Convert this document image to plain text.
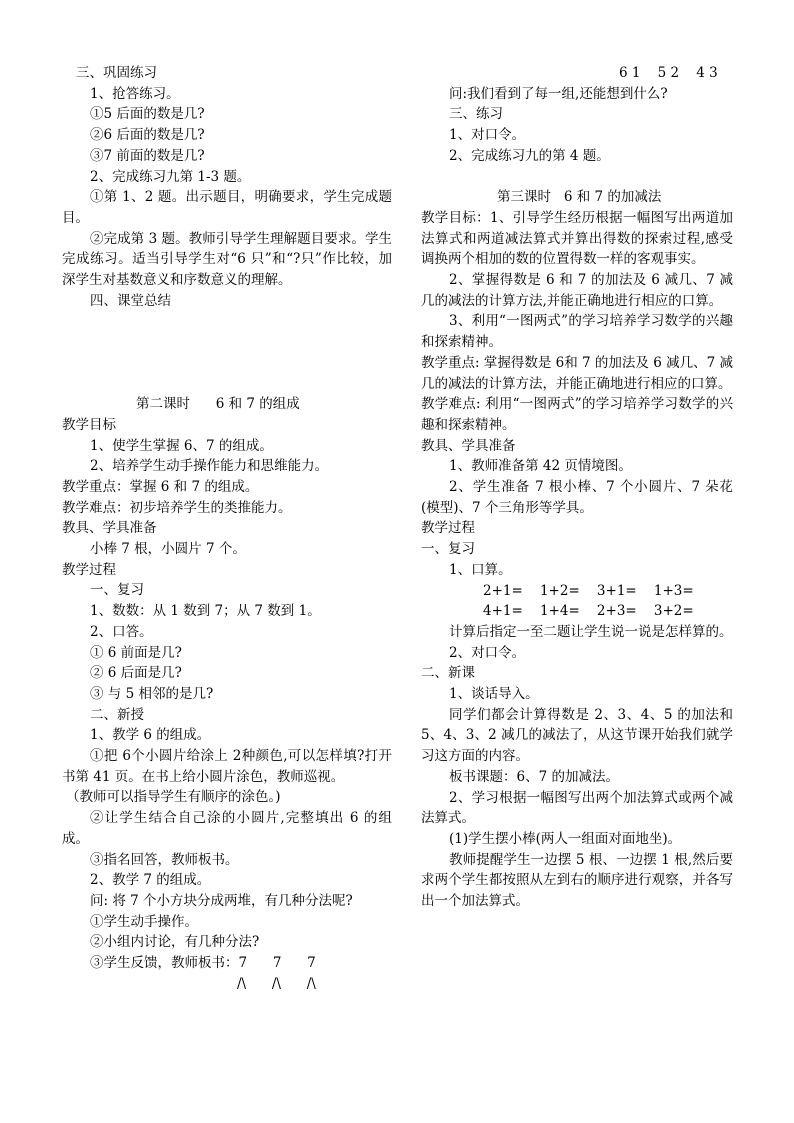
三、巩固练习
1、抢答练习。
①5 后面的数是几?
②6 后面的数是几?
③7 前面的数是几?
2、完成练习九第 1-3 题。
①第 1、2 题。出示题目，明确要求，学生完成题目。
②完成第 3 题。教师引导学生理解题目要求。学生完成练习。适当引导学生对“6 只”和“?只”作比较，加深学生对基数意义和序数意义的理解。
四、课堂总结
第二课时      6 和 7 的组成
教学目标
1、使学生掌握 6、7 的组成。
2、培养学生动手操作能力和思维能力。
教学重点：掌握 6 和 7 的组成。
教学难点：初步培养学生的类推能力。
教具、学具准备
小棒 7 根，小圆片 7 个。
教学过程
一、复习
1、数数：从 1 数到 7；从 7 数到 1。
2、口答。
① 6 前面是几?
② 6 后面是几?
③ 与 5 相邻的是几?
二、新授
1、教学 6 的组成。
①把 6个小圆片给涂上 2种颜色,可以怎样填?打开书第 41 页。在书上给小圆片涂色，教师巡视。
（教师可以指导学生有顺序的涂色。)
②让学生结合自己涂的小圆片,完整填出 6 的组成。
③指名回答，教师板书。
2、教学 7 的组成。
问: 将 7 个小方块分成两堆，有几种分法呢?
①学生动手操作。
②小组内讨论，有几种分法?
③学生反馈，教师板书：7      7      7
/\      /\      /\
6 1    5 2    4 3
问:我们看到了每一组,还能想到什么?
三、练习
1、对口令。
2、完成练习九的第 4 题。
第三课时   6 和 7 的加减法
教学目标：1、引导学生经历根据一幅图写出两道加法算式和两道减法算式并算出得数的探索过程,感受调换两个相加的数的位置得数一样的客观事实。
2、掌握得数是 6 和 7 的加法及 6 减几、7 减几的减法的计算方法,并能正确地进行相应的口算。
3、利用“一图两式”的学习培养学习数学的兴趣和探索精神。
教学重点: 掌握得数是 6和 7 的加法及 6 减几、7 减几的减法的计算方法，并能正确地进行相应的口算。
教学难点: 利用“一图两式”的学习培养学习数学的兴趣和探索精神。
教具、学具准备
1、教师准备第 42 页情境图。
2、学生准备 7 根小棒、7 个小圆片、7 朵花(模型)、7 个三角形等学具。
教学过程
一、复习
1、口算。
2+1=    1+2=    3+1=    1+3=
4+1=    1+4=    2+3=    3+2=
计算后指定一至二题让学生说一说是怎样算的。
2、对口令。
二、新课
1、谈话导入。
同学们都会计算得数是 2、3、4、5 的加法和 5、4、3、2 减几的减法了，从这节课开始我们就学习这方面的内容。
板书课题：6、7 的加减法。
2、学习根据一幅图写出两个加法算式或两个减法算式。
(1)学生摆小棒(两人一组面对面地坐)。
教师提醒学生一边摆 5 根、一边摆 1 根,然后要求两个学生都按照从左到右的顺序进行观察，并各写出一个加法算式。
